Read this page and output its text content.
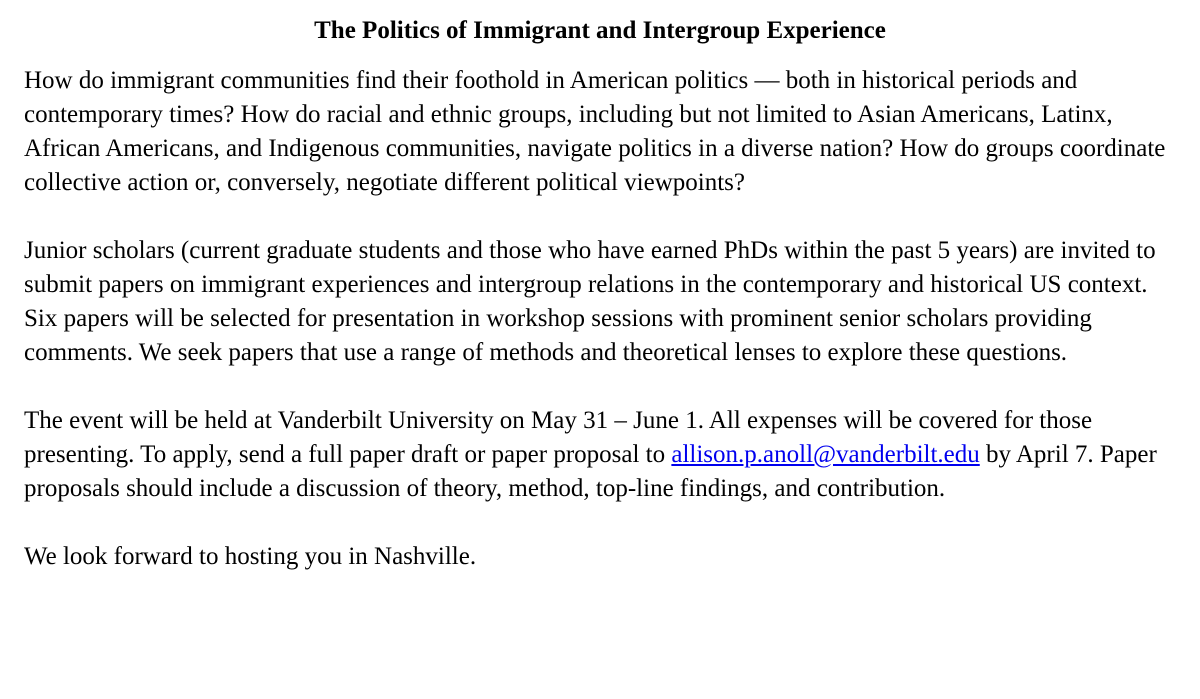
The Politics of Immigrant and Intergroup Experience

How do immigrant communities find their foothold in American politics — both in historical periods and contemporary times? How do racial and ethnic groups, including but not limited to Asian Americans, Latinx, African Americans, and Indigenous communities, navigate politics in a diverse nation? How do groups coordinate collective action or, conversely, negotiate different political viewpoints?

Junior scholars (current graduate students and those who have earned PhDs within the past 5 years) are invited to submit papers on immigrant experiences and intergroup relations in the contemporary and historical US context. Six papers will be selected for presentation in workshop sessions with prominent senior scholars providing comments. We seek papers that use a range of methods and theoretical lenses to explore these questions.

The event will be held at Vanderbilt University on May 31 – June 1. All expenses will be covered for those presenting. To apply, send a full paper draft or paper proposal to allison.p.anoll@vanderbilt.edu by April 7. Paper proposals should include a discussion of theory, method, top-line findings, and contribution.

We look forward to hosting you in Nashville.
